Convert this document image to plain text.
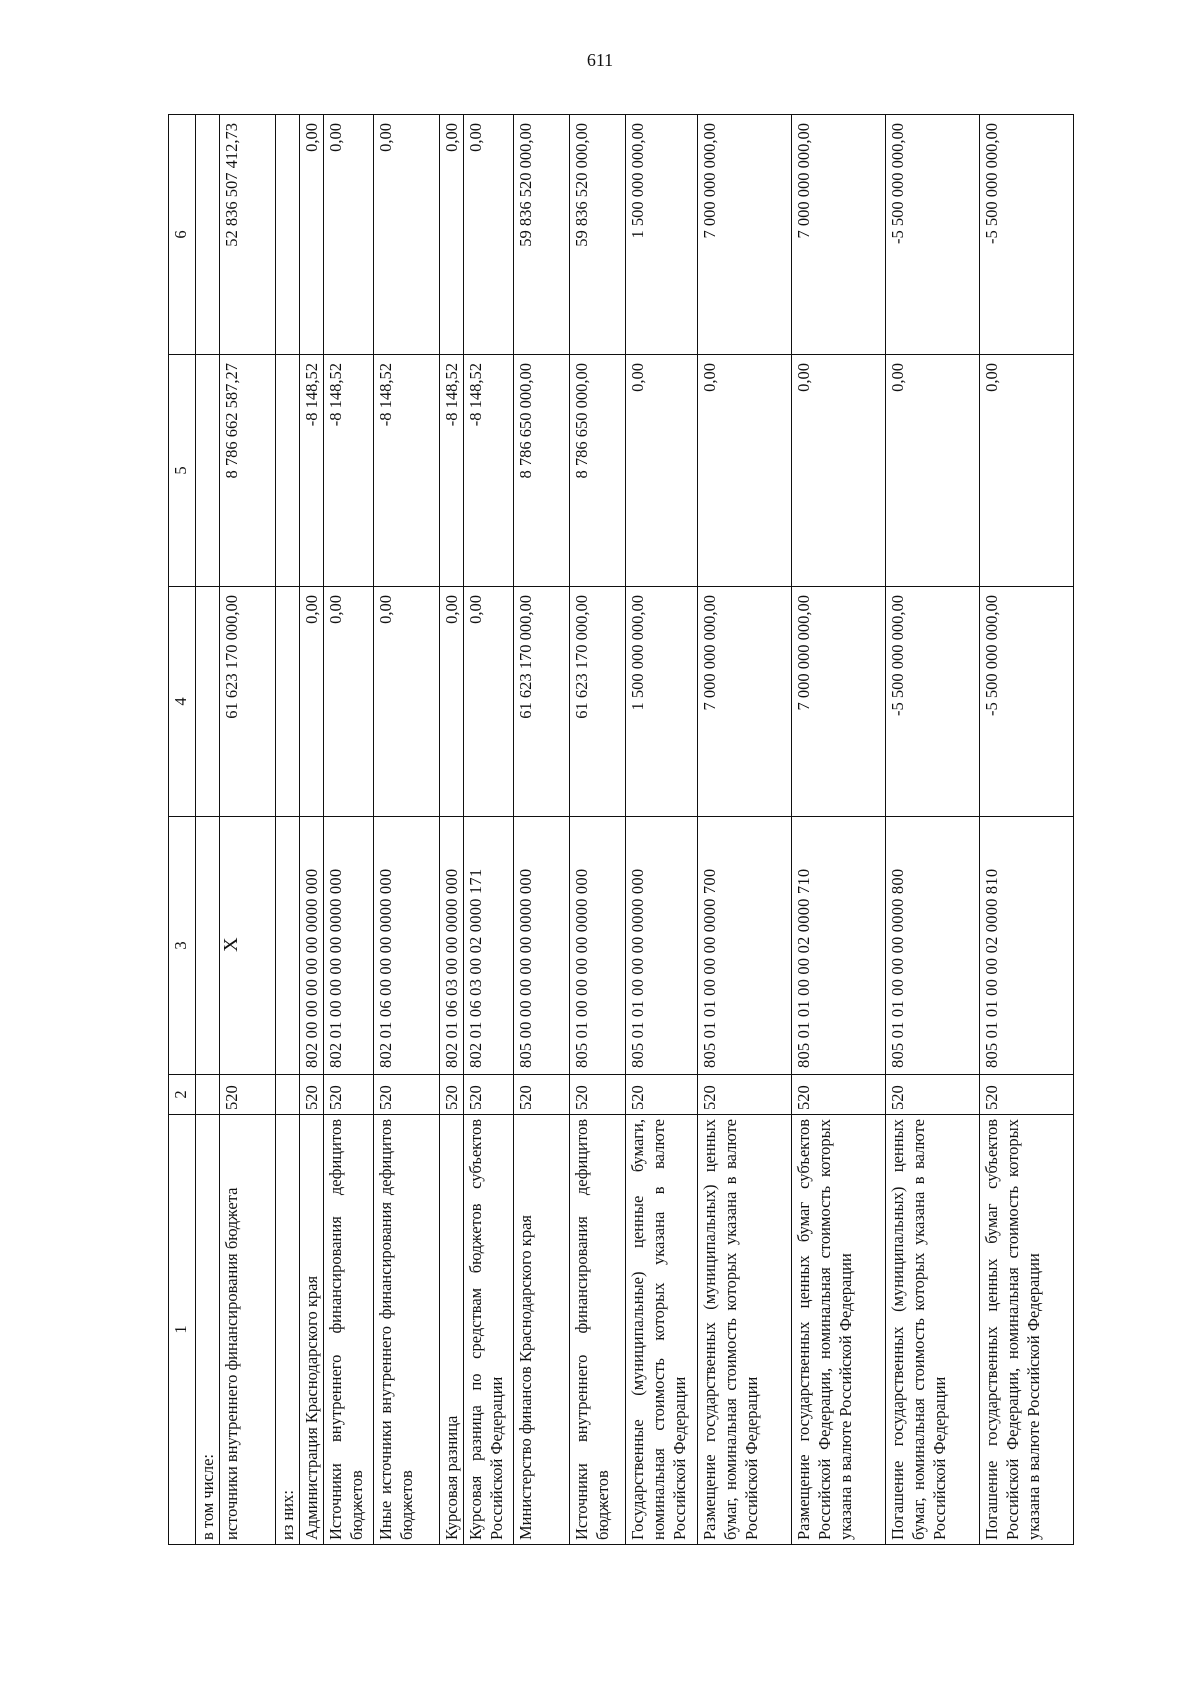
611
1	2	3	4	5	6
в том числе:					
источники внутреннего финансирования бюджета	520	X	61 623 170 000,00	8 786 662 587,27	52 836 507 412,73
из них:					
Администрация Краснодарского края	520	802 00 00 00 00 00 0000 000	0,00	-8 148,52	0,00
Источники внутреннего финансирования дефицитов бюджетов	520	802 01 00 00 00 00 0000 000	0,00	-8 148,52	0,00
Иные источники внутреннего финансирования дефицитов бюджетов	520	802 01 06 00 00 00 0000 000	0,00	-8 148,52	0,00
Курсовая разница	520	802 01 06 03 00 00 0000 000	0,00	-8 148,52	0,00
Курсовая разница по средствам бюджетов субъектов Российской Федерации	520	802 01 06 03 00 02 0000 171	0,00	-8 148,52	0,00
Министерство финансов Краснодарского края	520	805 00 00 00 00 00 0000 000	61 623 170 000,00	8 786 650 000,00	59 836 520 000,00
Источники внутреннего финансирования дефицитов бюджетов	520	805 01 00 00 00 00 0000 000	61 623 170 000,00	8 786 650 000,00	59 836 520 000,00
Государственные (муниципальные) ценные бумаги, номинальная стоимость которых указана в валюте Российской Федерации	520	805 01 01 00 00 00 0000 000	1 500 000 000,00	0,00	1 500 000 000,00
Размещение государственных (муниципальных) ценных бумаг, номинальная стоимость которых указана в валюте Российской Федерации	520	805 01 01 00 00 00 0000 700	7 000 000 000,00	0,00	7 000 000 000,00
Размещение государственных ценных бумаг субъектов Российской Федерации, номинальная стоимость которых указана в валюте Российской Федерации	520	805 01 01 00 00 02 0000 710	7 000 000 000,00	0,00	7 000 000 000,00
Погашение государственных (муниципальных) ценных бумаг, номинальная стоимость которых указана в валюте Российской Федерации	520	805 01 01 00 00 00 0000 800	-5 500 000 000,00	0,00	-5 500 000 000,00
Погашение государственных ценных бумаг субъектов Российской Федерации, номинальная стоимость которых указана в валюте Российской Федерации	520	805 01 01 00 00 02 0000 810	-5 500 000 000,00	0,00	-5 500 000 000,00
